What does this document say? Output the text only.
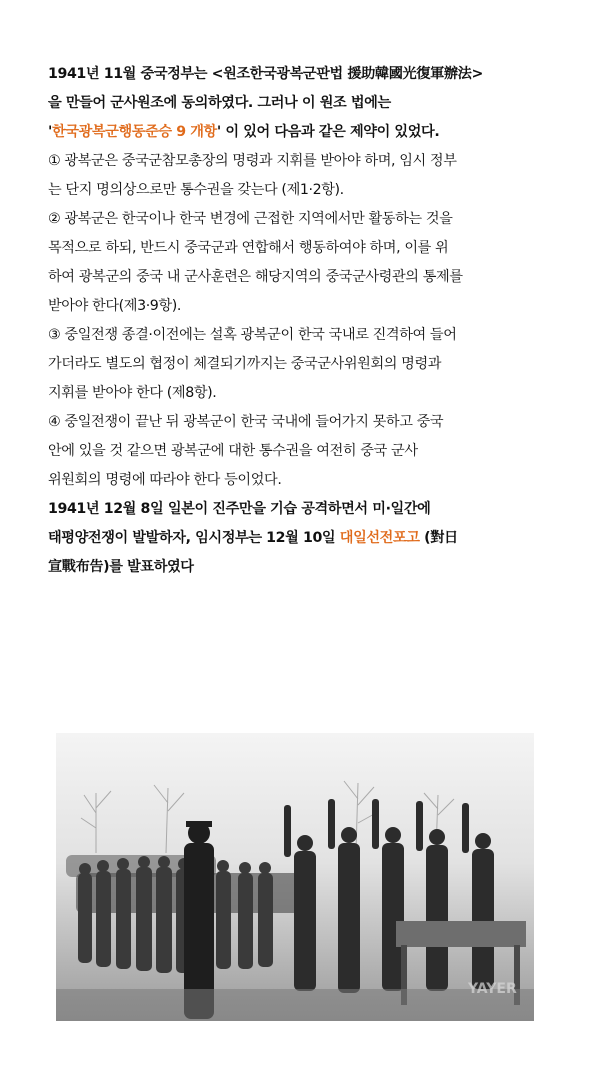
1941년 11월 중국정부는 <원조한국광복군판법 援助韓國光復軍辦法>
을 만들어 군사원조에 동의하였다. 그러나 이 원조 법에는
'한국광복군행동준승 9 개항' 이 있어 다음과 같은 제약이 있었다.
① 광복군은 중국군참모총장의 명령과 지휘를 받아야 하며, 임시 정부
는 단지 명의상으로만 통수권을 갖는다 (제1·2항).
② 광복군은 한국이나 한국 변경에 근접한 지역에서만 활동하는 것을
목적으로 하되, 반드시 중국군과 연합해서 행동하여야 하며, 이를 위
하여 광복군의 중국 내 군사훈련은 해당지역의 중국군사령관의 통제를
받아야 한다(제3·9항).
③ 중일전쟁 종결·이전에는 설혹 광복군이 한국 국내로 진격하여 들어
가더라도 별도의 협정이 체결되기까지는 중국군사위원회의 명령과
지휘를 받아야 한다 (제8항).
④ 중일전쟁이 끝난 뒤 광복군이 한국 국내에 들어가지 못하고 중국
안에 있을 것 같으면 광복군에 대한 통수권을 여전히 중국 군사
위원회의 명령에 따라야 한다 등이었다.
1941년 12월 8일 일본이 진주만을 기습 공격하면서 미·일간에
태평양전쟁이 발발하자, 임시정부는 12월 10일 대일선전포고 (對日
宣戰布告)를 발표하였다
YAYER
